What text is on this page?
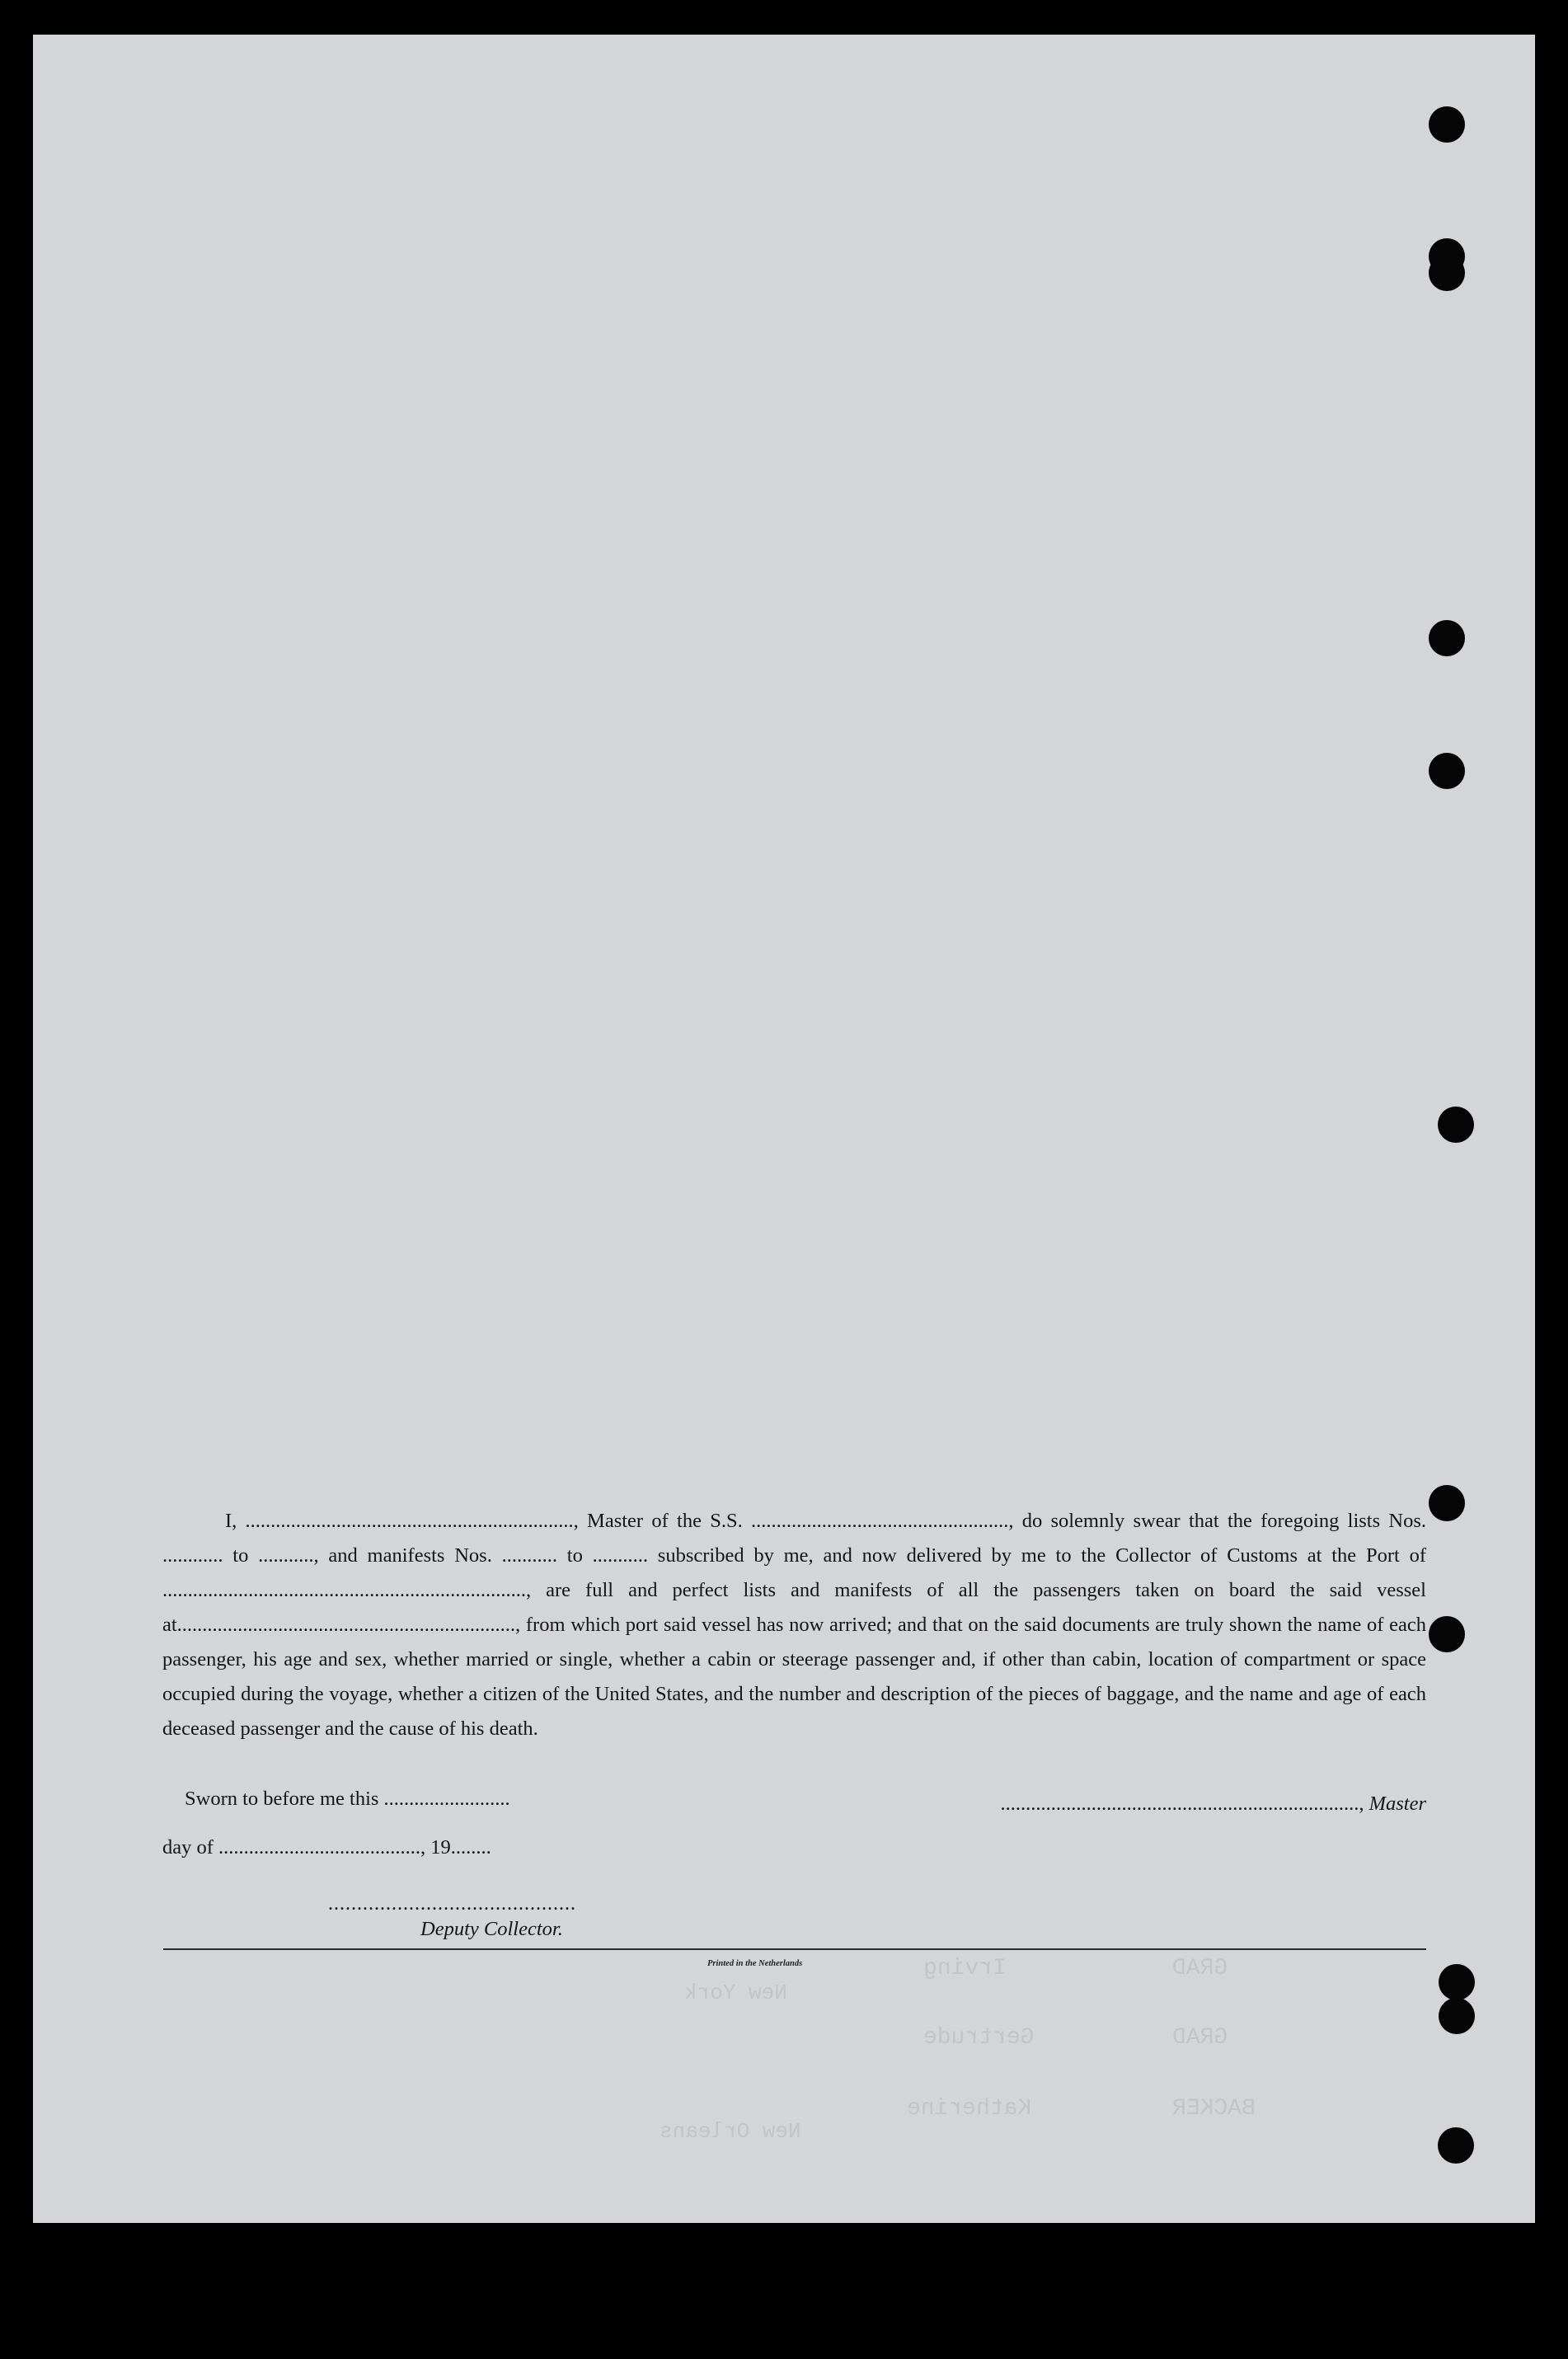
GRAD
GRAD
BACKER
Irving
Gertrude
Katherine
New York
New Orleans

I, ................................................................., Master of the S.S. ..................................................., do solemnly swear that the foregoing lists Nos. ............ to ..........., and manifests Nos. ........... to ........... subscribed by me, and now delivered by me to the Collector of Customs at the Port of ........................................................................, are full and perfect lists and manifests of all the passengers taken on board the said vessel at..................................................................., from which port said vessel has now arrived; and that on the said documents are truly shown the name of each passenger, his age and sex, whether married or single, whether a cabin or steerage passenger and, if other than cabin, location of compartment or space occupied during the voyage, whether a citizen of the United States, and the number and description of the pieces of baggage, and the name and age of each deceased passenger and the cause of his death.

Sworn to before me this .........................	......................................................................., Master
day of ........................................, 19........
...........................................
Deputy Collector.
Printed in the Netherlands
